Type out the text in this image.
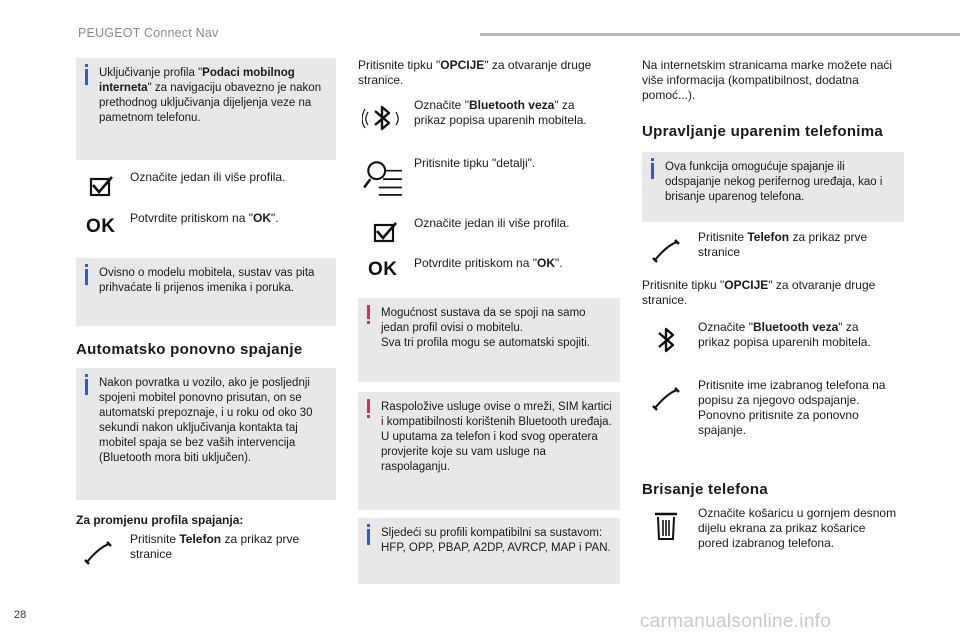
PEUGEOT Connect Nav
Uključivanje profila "Podaci mobilnog interneta" za navigaciju obavezno je nakon prethodnog uključivanja dijeljenja veze na pametnom telefonu.
Označite jedan ili više profila.
OK	Potvrdite pritiskom na "OK".
Ovisno o modelu mobitela, sustav vas pita prihvaćate li prijenos imenika i poruka.
Automatsko ponovno spajanje
Nakon povratka u vozilo, ako je posljednji spojeni mobitel ponovno prisutan, on se automatski prepoznaje, i u roku od oko 30 sekundi nakon uključivanja kontakta taj mobitel spaja se bez vaših intervencija (Bluetooth mora biti uključen).
Za promjenu profila spajanja:
Pritisnite Telefon za prikaz prve stranice
Pritisnite tipku "OPCIJE" za otvaranje druge stranice.
Označite "Bluetooth veza" za prikaz popisa uparenih mobitela.
Pritisnite tipku "detalji".
Označite jedan ili više profila.
OK	Potvrdite pritiskom na "OK".
Mogućnost sustava da se spoji na samo jedan profil ovisi o mobitelu.
Sva tri profila mogu se automatski spojiti.
Raspoložive usluge ovise o mreži, SIM kartici i kompatibilnosti korištenih Bluetooth uređaja. U uputama za telefon i kod svog operatera provjerite koje su vam usluge na raspolaganju.
Sljedeći su profili kompatibilni sa sustavom: HFP, OPP, PBAP, A2DP, AVRCP, MAP i PAN.
Na internetskim stranicama marke možete naći više informacija (kompatibilnost, dodatna pomoć...).
Upravljanje uparenim telefonima
Ova funkcija omogućuje spajanje ili odspajanje nekog perifernog uređaja, kao i brisanje uparenog telefona.
Pritisnite Telefon za prikaz prve stranice
Pritisnite tipku "OPCIJE" za otvaranje druge stranice.
Označite "Bluetooth veza" za prikaz popisa uparenih mobitela.
Pritisnite ime izabranog telefona na popisu za njegovo odspajanje.
Ponovno pritisnite za ponovno spajanje.
Brisanje telefona
Označite košaricu u gornjem desnom dijelu ekrana za prikaz košarice pored izabranog telefona.
28	carmanualsonline.info
